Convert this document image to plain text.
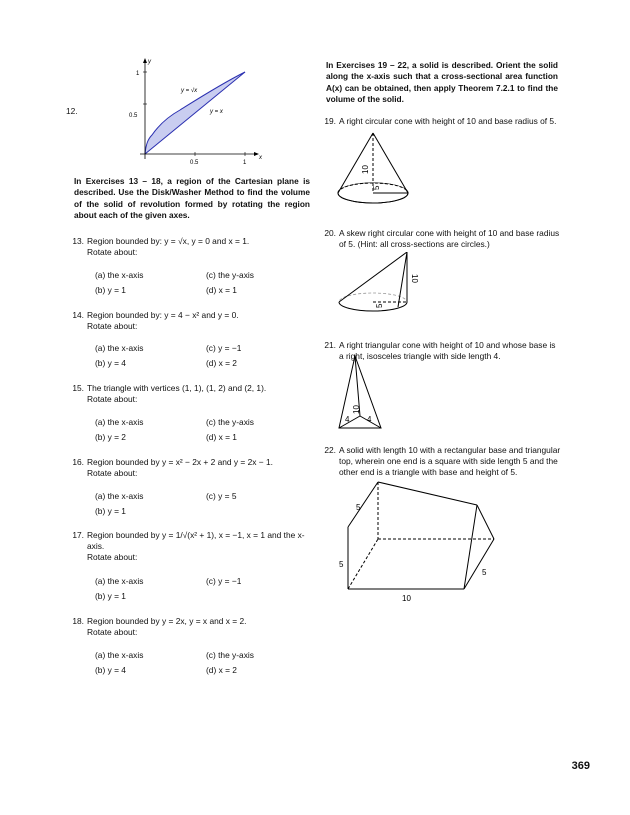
12.
0.5	1
0.5
1
x
y
y = √x
y = x
In Exercises 13 – 18, a region of the Cartesian plane is described. Use the Disk/Washer Method to find the volume of the solid of revolution formed by rotating the region about each of the given axes.
13. Region bounded by: y = √x, y = 0 and x = 1.
Rotate about:
(a) the x-axis	(c) the y-axis
(b) y = 1	(d) x = 1
14. Region bounded by: y = 4 − x² and y = 0.
Rotate about:
(a) the x-axis	(c) y = −1
(b) y = 4	(d) x = 2
15. The triangle with vertices (1, 1), (1, 2) and (2, 1).
Rotate about:
(a) the x-axis	(c) the y-axis
(b) y = 2	(d) x = 1
16. Region bounded by y = x² − 2x + 2 and y = 2x − 1.
Rotate about:
(a) the x-axis	(c) y = 5
(b) y = 1
17. Region bounded by y = 1/√(x² + 1), x = −1, x = 1 and the x-axis.
Rotate about:
(a) the x-axis	(c) y = −1
(b) y = 1
18. Region bounded by y = 2x, y = x and x = 2.
Rotate about:
(a) the x-axis	(c) the y-axis
(b) y = 4	(d) x = 2
In Exercises 19 – 22, a solid is described. Orient the solid along the x-axis such that a cross-sectional area function A(x) can be obtained, then apply Theorem 7.2.1 to find the volume of the solid.
19. A right circular cone with height of 10 and base radius of 5.
10
5
20. A skew right circular cone with height of 10 and base radius of 5. (Hint: all cross-sections are circles.)
10
5
21. A right triangular cone with height of 10 and whose base is a right, isosceles triangle with side length 4.
10
4 4
22. A solid with length 10 with a rectangular base and triangular top, wherein one end is a square with side length 5 and the other end is a triangle with base and height of 5.
5
5
5
10
369
